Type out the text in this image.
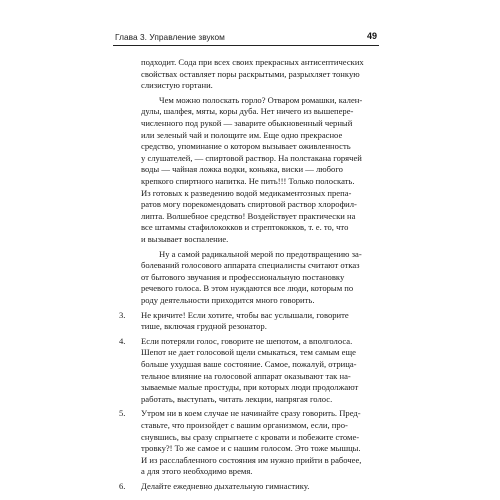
Глава 3. Управление звуком	49
подходит. Сода при всех своих прекрасных антисептических
свойствах оставляет поры раскрытыми, разрыхляет тонкую
слизистую гортани.
Чем можно полоскать горло? Отваром ромашки, кален-
дулы, шалфея, мяты, коры дуба. Нет ничего из вышепере-
численного под рукой — заварите обыкновенный черный
или зеленый чай и полощите им. Еще одно прекрасное
средство, упоминание о котором вызывает оживленность
у слушателей, — спиртовой раствор. На полстакана горячей
воды — чайная ложка водки, коньяка, виски — любого
крепкого спиртного напитка. Не пить!!! Только полоскать.
Из готовых к разведению водой медикаментозных препа-
ратов могу порекомендовать спиртовой раствор хлорофил-
липта. Волшебное средство! Воздействует практически на
все штаммы стафилококков и стрептококков, т. е. то, что
и вызывает воспаление.
Ну а самой радикальной мерой по предотвращению за-
болеваний голосового аппарата специалисты считают отказ
от бытового звучания и профессиональную постановку
речевого голоса. В этом нуждаются все люди, которым по
роду деятельности приходится много говорить.
Не кричите! Если хотите, чтобы вас услышали, говорите
3.
тише, включая грудной резонатор.
Если потеряли голос, говорите не шепотом, а вполголоса.
4.
Шепот не дает голосовой щели смыкаться, тем самым еще
больше ухудшая ваше состояние. Самое, пожалуй, отрица-
тельное влияние на голосовой аппарат оказывают так на-
зываемые малые простуды, при которых люди продолжают
работать, выступать, читать лекции, напрягая голос.
Утром ни в коем случае не начинайте сразу говорить. Пред-
5.
ставьте, что произойдет с вашим организмом, если, про-
снувшись, вы сразу спрыгнете с кровати и побежите стоме-
тровку?! То же самое и с нашим голосом. Это тоже мышцы.
И из расслабленного состояния им нужно прийти в рабочее,
а для этого необходимо время.
Делайте ежедневно дыхательную гимнастику.
6.
